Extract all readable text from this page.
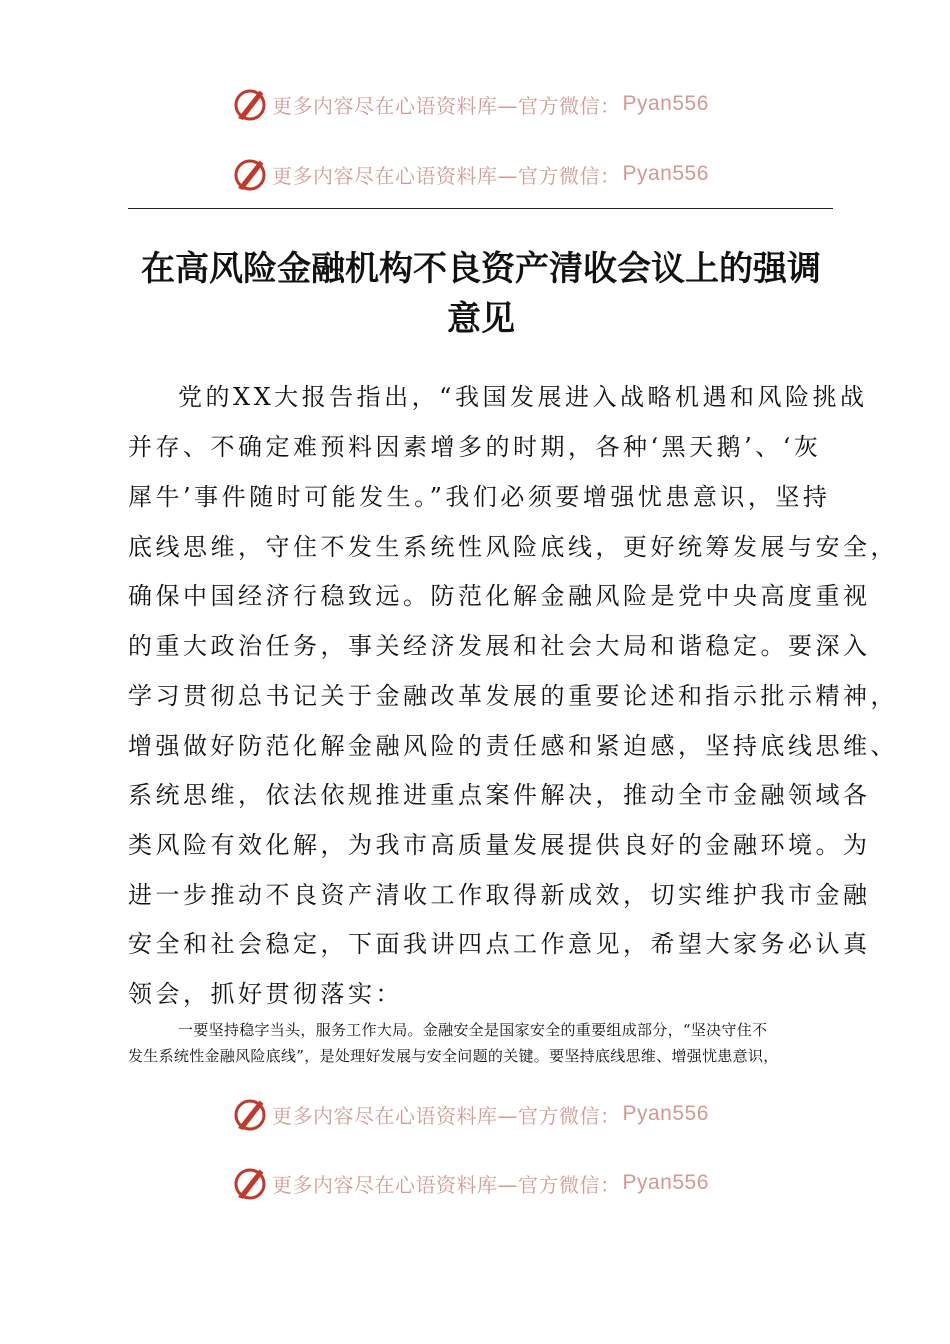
更多内容尽在心语资料库—官方微信： Pyan556
更多内容尽在心语资料库—官方微信： Pyan556
在高风险金融机构不良资产清收会议上的强调
意见
党的XX大报告指出，“我国发展进入战略机遇和风险挑战
并存、不确定难预料因素增多的时期，各种‘黑天鹅’、‘灰
犀牛’事件随时可能发生。”我们必须要增强忧患意识，坚持
底线思维，守住不发生系统性风险底线，更好统筹发展与安全，
确保中国经济行稳致远。防范化解金融风险是党中央高度重视
的重大政治任务，事关经济发展和社会大局和谐稳定。要深入
学习贯彻总书记关于金融改革发展的重要论述和指示批示精神，
增强做好防范化解金融风险的责任感和紧迫感，坚持底线思维、
系统思维，依法依规推进重点案件解决，推动全市金融领域各
类风险有效化解，为我市高质量发展提供良好的金融环境。为
进一步推动不良资产清收工作取得新成效，切实维护我市金融
安全和社会稳定，下面我讲四点工作意见，希望大家务必认真
领会，抓好贯彻落实：
一要坚持稳字当头，服务工作大局。金融安全是国家安全的重要组成部分，“坚决守住不
发生系统性金融风险底线”，是处理好发展与安全问题的关键。要坚持底线思维、增强忧患意识，
更多内容尽在心语资料库—官方微信： Pyan556
更多内容尽在心语资料库—官方微信： Pyan556
